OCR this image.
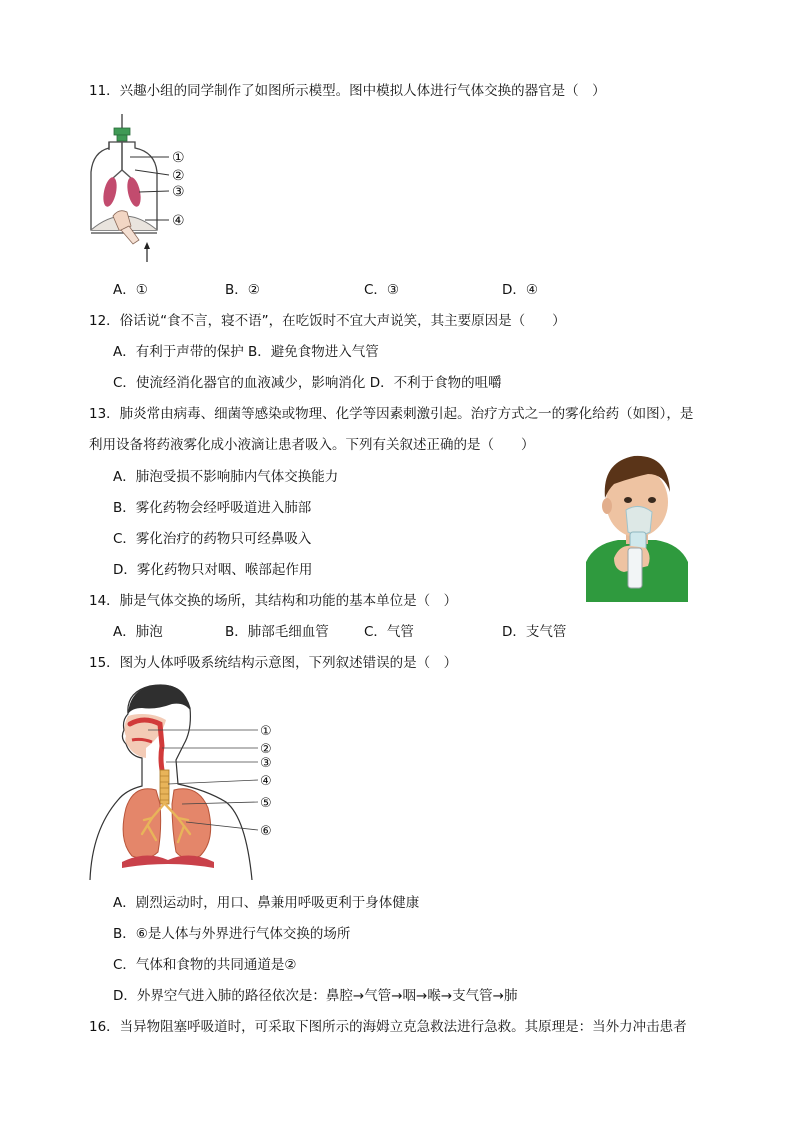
11．兴趣小组的同学制作了如图所示模型。图中模拟人体进行气体交换的器官是（　）
①
②
③
④
A．①	B．②	C．③	D．④
12．俗话说“食不言，寝不语”，在吃饭时不宜大声说笑，其主要原因是（　　）
A．有利于声带的保护 B．避免食物进入气管
C．使流经消化器官的血液减少，影响消化 D．不利于食物的咀嚼
13．肺炎常由病毒、细菌等感染或物理、化学等因素刺激引起。治疗方式之一的雾化给药（如图），是
利用设备将药液雾化成小液滴让患者吸入。下列有关叙述正确的是（　　）
A．肺泡受损不影响肺内气体交换能力
B．雾化药物会经呼吸道进入肺部
C．雾化治疗的药物只可经鼻吸入
D．雾化药物只对咽、喉部起作用
14．肺是气体交换的场所，其结构和功能的基本单位是（　）
A．肺泡	B．肺部毛细血管	C．气管	D．支气管
15．图为人体呼吸系统结构示意图，下列叙述错误的是（　）
①
②
③
④
⑤
⑥
A．剧烈运动时，用口、鼻兼用呼吸更利于身体健康
B．⑥是人体与外界进行气体交换的场所
C．气体和食物的共同通道是②
D．外界空气进入肺的路径依次是：鼻腔→气管→咽→喉→支气管→肺
16．当异物阻塞呼吸道时，可采取下图所示的海姆立克急救法进行急救。其原理是：当外力冲击患者
